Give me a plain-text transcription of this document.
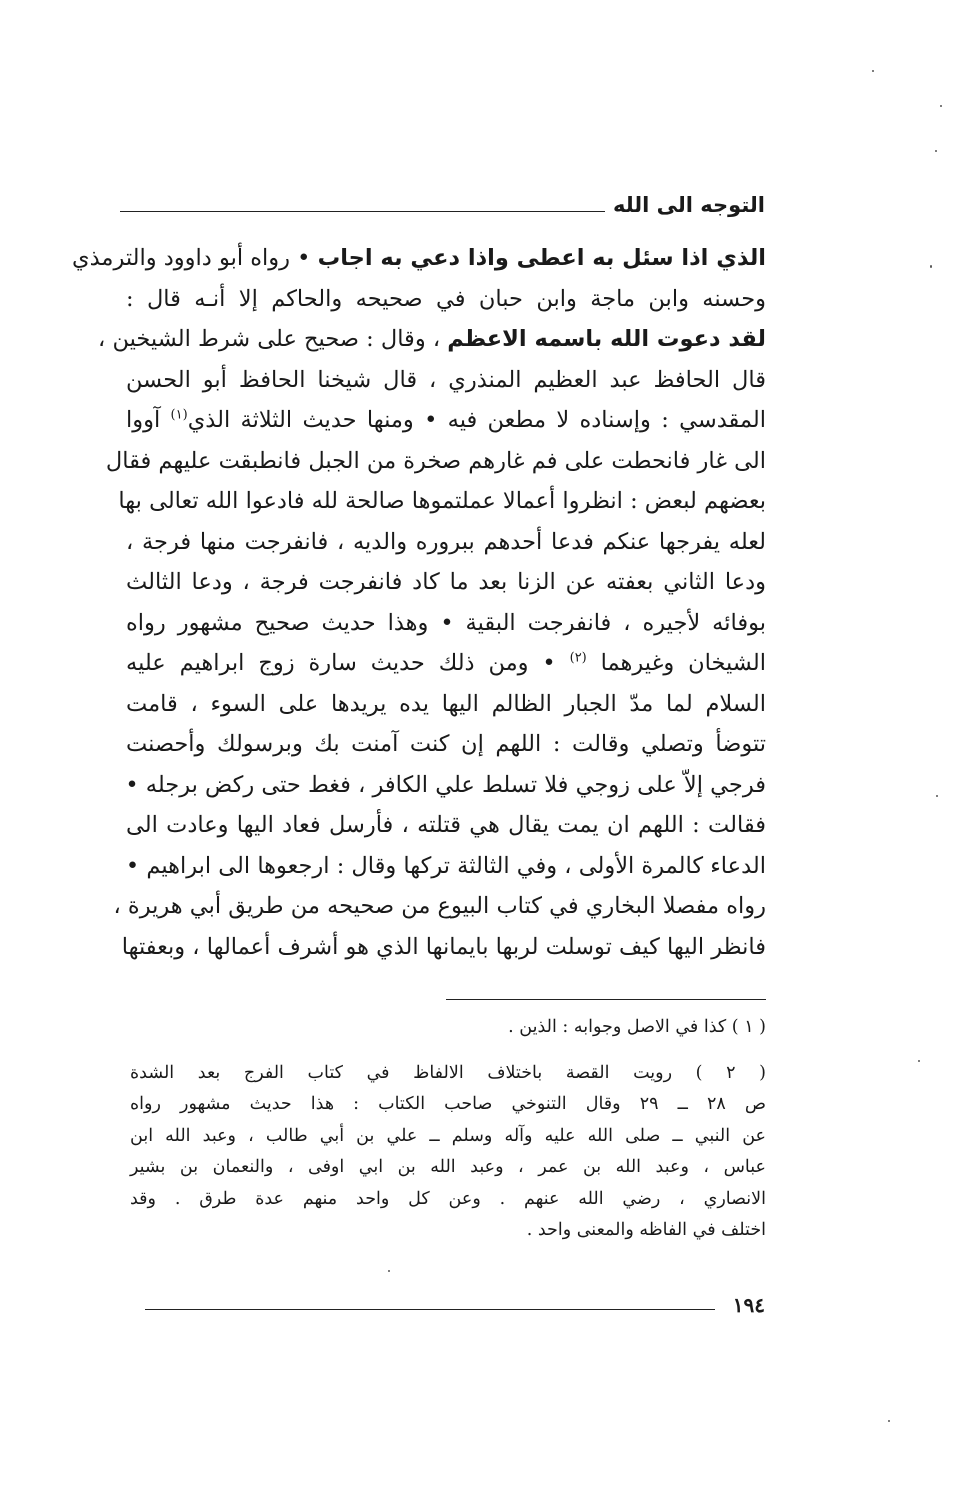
التوجه الى الله
الذي اذا سئل به اعطى واذا دعي به اجاب • رواه أبو داوود والترمذي
وحسنه وابن ماجة وابن حبان في صحيحه والحاكم إلا أنـه قال :
لقد دعوت الله باسمه الاعظم ، وقال : صحيح على شرط الشيخين ،
قال الحافظ عبد العظيم المنذري ، قال شيخنا الحافظ أبو الحسن
المقدسي : وإسناده لا مطعن فيه • ومنها حديث الثلاثة الذي$^{(١)}$ آووا
الى غار فانحطت على فم غارهم صخرة من الجبل فانطبقت عليهم فقال
بعضهم لبعض : انظروا أعمالا عملتموها صالحة لله فادعوا الله تعالى بها
لعله يفرجها عنكم فدعا أحدهم ببروره والديه ، فانفرجت منها فرجة ،
ودعا الثاني بعفته عن الزنا بعد ما كاد فانفرجت فرجة ، ودعا الثالث
بوفائه لأجيره ، فانفرجت البقية • وهذا حديث صحيح مشهور رواه
الشيخان وغيرهما $^{(٢)}$ • ومن ذلك حديث سارة زوج ابراهيم عليه
السلام لما مدّ الجبار الظالم اليها يده يريدها على السوء ، قامت
تتوضأ وتصلي وقالت : اللهم إن كنت آمنت بك وبرسولك وأحصنت
فرجي إلاّ على زوجي فلا تسلط علي الكافر ، فغط حتى ركض برجله •
فقالت : اللهم ان يمت يقال هي قتلته ، فأرسل فعاد اليها وعادت الى
الدعاء كالمرة الأولى ، وفي الثالثة تركها وقال : ارجعوها الى ابراهيم •
رواه مفصلا البخاري في كتاب البيوع من صحيحه من طريق أبي هريرة ،
فانظر اليها كيف توسلت لربها بايمانها الذي هو أشرف أعمالها ، وبعفتها
( ١ ) كذا في الاصل وجوابه : الذين .
( ٢ ) رويت القصة باختلاف الالفاظ في كتاب الفرج بعد الشدة
ص ٢٨ ــ ٢٩ وقال التنوخي صاحب الكتاب : هذا حديث مشهور رواه
عن النبي ــ صلى الله عليه وآله وسلم ــ علي بن أبي طالب ، وعبد الله ابن
عباس ، وعبد الله بن عمر ، وعبد الله بن ابي اوفى ، والنعمان بن بشير
الانصاري ، رضي الله عنهم . وعن كل واحد منهم عدة طرق . وقد
اختلف في الفاظه والمعنى واحد .
١٩٤
